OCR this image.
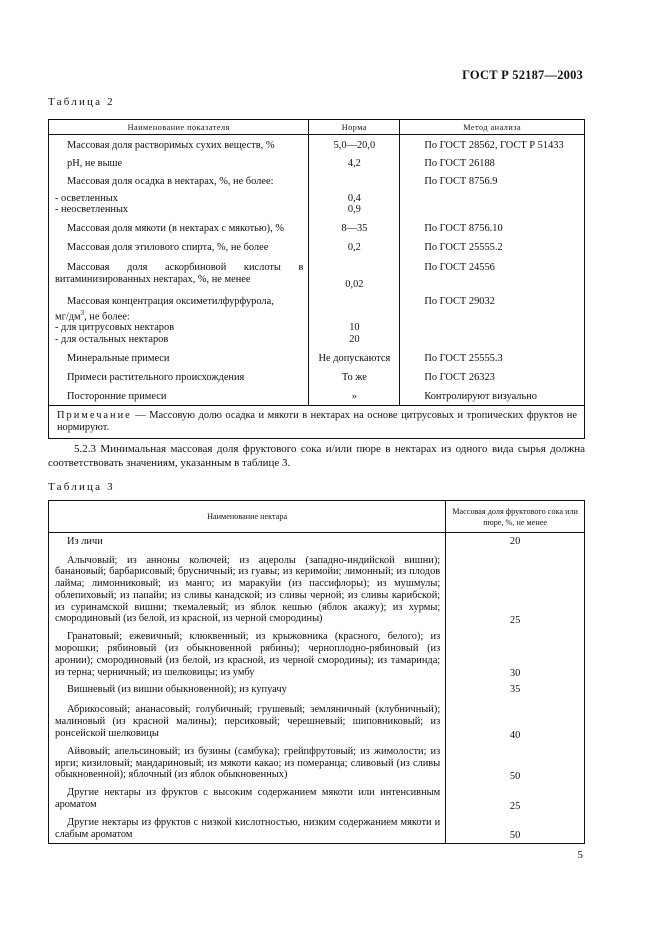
ГОСТ Р 52187—2003
Таблица 2
Наименование показателя	Норма	Метод анализа
Массовая доля растворимых сухих веществ, %	5,0—20,0	По ГОСТ 28562, ГОСТ Р 51433
pH, не выше	4,2	По ГОСТ 26188
Массовая доля осадка в нектарах, %, не более:		По ГОСТ 8756.9
- осветленных	0,4	
- неосветленных	0,9	
Массовая доля мякоти (в нектарах с мякотью), %	8—35	По ГОСТ 8756.10
Массовая доля этилового спирта, %, не более	0,2	По ГОСТ 25555.2
Массовая доля аскорбиновой кислоты в витаминизированных нектарах, %, не менее	0,02	По ГОСТ 24556

Массовая концентрация оксиметилфурфурола,
$мг/дм^3$, не более:		По ГОСТ 29032
- для цитрусовых нектаров	10	
- для остальных нектаров	20	
Минеральные примеси	Не допускаются	По ГОСТ 25555.3
Примеси растительного происхождения	То же	По ГОСТ 26323
Посторонние примеси	»	Контролируют визуально
Примечание — Массовую долю осадка и мякоти в нектарах на основе цитрусовых и тропических фруктов не нормируют.		
5.2.3 Минимальная массовая доля фруктового сока и/или пюре в нектарах из одного вида сырья должна соответствовать значениям, указанным в таблице 3.
Таблица 3
Наименование нектара	Массовая доля фруктового сока или пюре, %, не менее
Из личи	20
Алычовый; из анноны колючей; из ацеролы (западно-индийской вишни); банановый; барбарисовый; брусничный; из гуавы; из керимойи; лимонный; из плодов лайма; лимонниковый; из манго; из маракуйи (из пассифлоры); из мушмулы; облепиховый; из папайи; из сливы канадской; из сливы черной; из сливы карибской; из суринамской вишни; ткемалевый; из яблок кешью (яблок акажу); из хурмы; смородиновый (из белой, из красной, из черной смородины)	25
Гранатовый; ежевичный; клюквенный; из крыжовника (красного, белого); из морошки; рябиновый (из обыкновенной рябины); черноплодно-рябиновый (из аронии); смородиновый (из белой, из красной, из черной смородины); из тамаринда; из терна; черничный; из шелковицы; из умбу	30
Вишневый (из вишни обыкновенной); из купуачу	35
Абрикосовый; ананасовый; голубичный; грушевый; земляничный (клубничный); малиновый (из красной малины); персиковый; черешневый; шиповниковый; из ронсейской шелковицы	40
Айвовый; апельсиновый; из бузины (самбука); грейпфрутовый; из жимолости; из ирги; кизиловый; мандариновый; из мякоти какао; из померанца; сливовый (из сливы обыкновенной); яблочный (из яблок обыкновенных)	50
Другие нектары из фруктов с высоким содержанием мякоти или интенсивным ароматом	25
Другие нектары из фруктов с низкой кислотностью, низким содержанием мякоти и слабым ароматом	50
5
